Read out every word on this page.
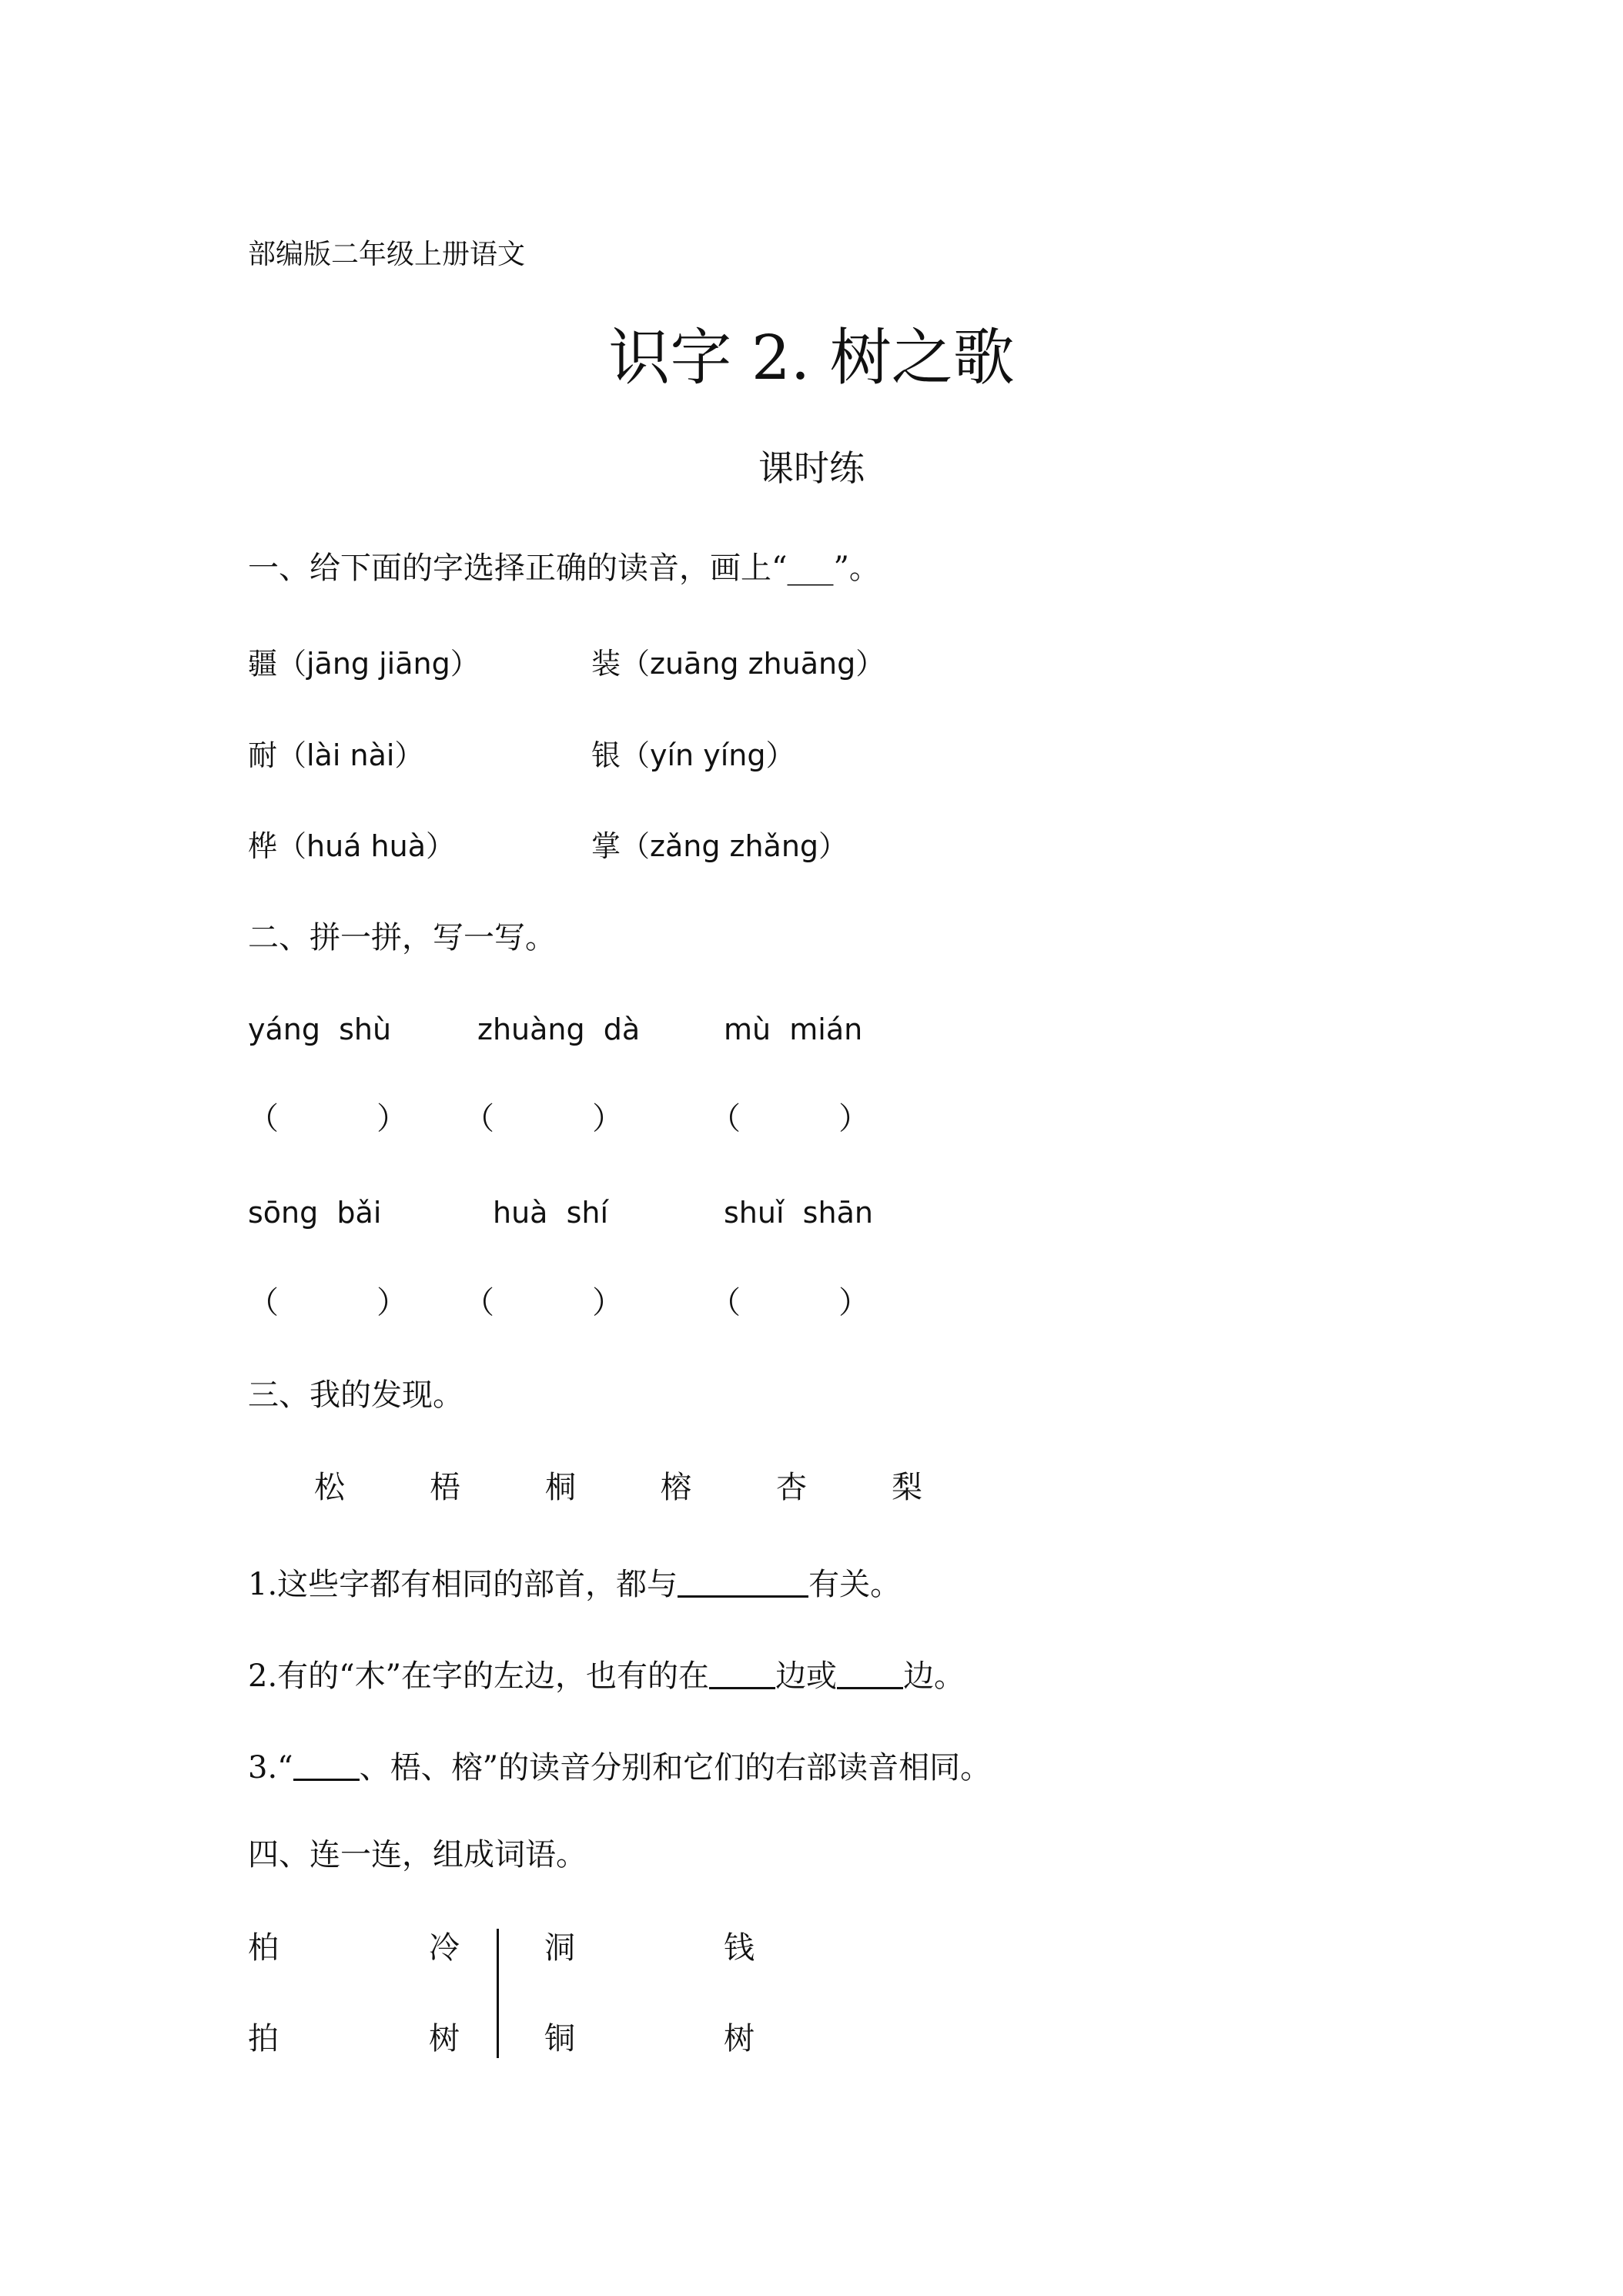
部编版二年级上册语文
识字 2. 树之歌
课时练
一、给下面的字选择正确的读音，画上“___”。
疆（jāng jiāng）	装（zuāng zhuāng）
耐（lài nài）	银（yín yíng）
桦（huá huà）	掌（zǎng zhǎng）
二、拼一拼，写一写。
yáng  shù	zhuàng  dà	mù  mián
（          ） （          ）	（          ）
sōng  bǎi	huà  shí	shuǐ  shān
（          ） （          ）	（          ）
三、我的发现。
松	梧	桐	榕	杏	梨
1.这些字都有相同的部首，都与	有关。
2.有的“木”在字的左边，也有的在 边或 边。
3.“ 、梧、榕”的读音分别和它们的右部读音相同。
四、连一连，组成词语。
柏	冷	洞	钱
拍	树	铜	树
